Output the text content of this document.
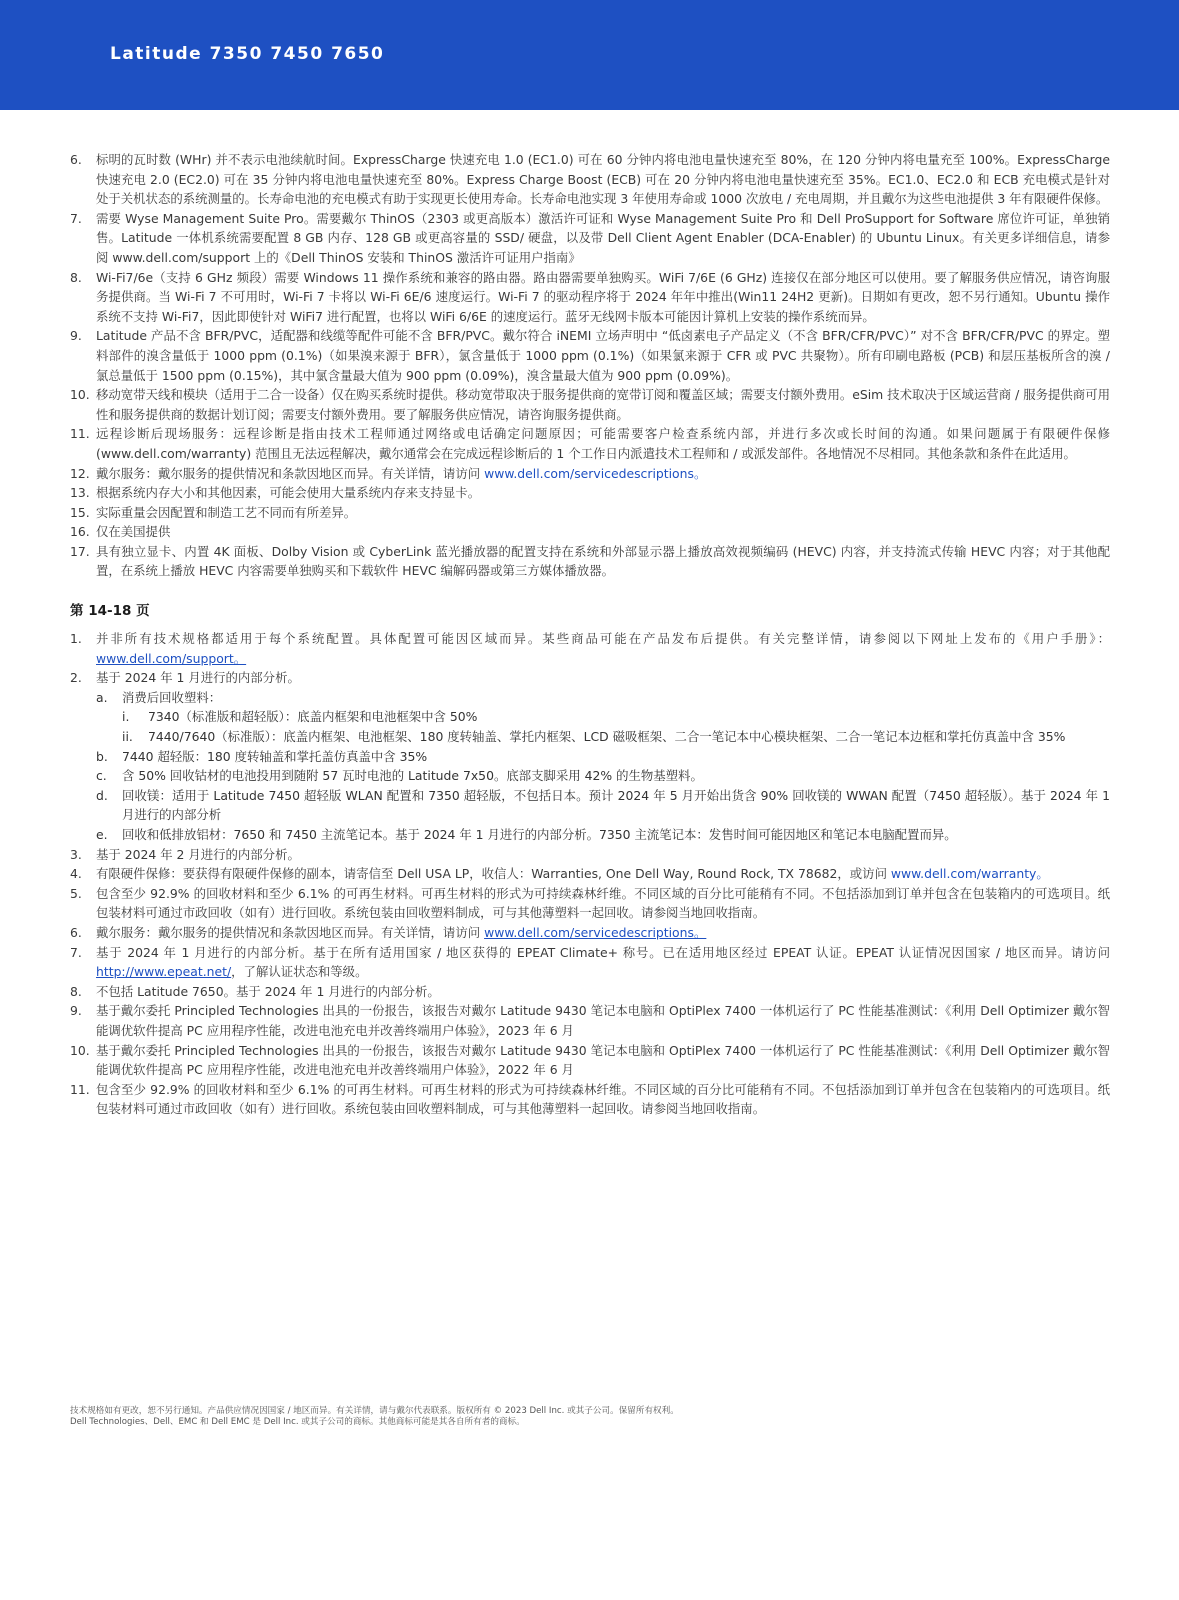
Latitude 7350 7450 7650
6. 标明的瓦时数 (WHr) 并不表示电池续航时间。ExpressCharge 快速充电 1.0 (EC1.0) 可在 60 分钟内将电池电量快速充至 80%，在 120 分钟内将电量充至 100%。ExpressCharge 快速充电 2.0 (EC2.0) 可在 35 分钟内将电池电量快速充至 80%。Express Charge Boost (ECB) 可在 20 分钟内将电池电量快速充至 35%。EC1.0、EC2.0 和 ECB 充电模式是针对处于关机状态的系统测量的。长寿命电池的充电模式有助于实现更长使用寿命。长寿命电池实现 3 年使用寿命或 1000 次放电 / 充电周期，并且戴尔为这些电池提供 3 年有限硬件保修。
7. 需要 Wyse Management Suite Pro。需要戴尔 ThinOS（2303 或更高版本）激活许可证和 Wyse Management Suite Pro 和 Dell ProSupport for Software 席位许可证，单独销售。Latitude 一体机系统需要配置 8 GB 内存、128 GB 或更高容量的 SSD/ 硬盘，以及带 Dell Client Agent Enabler (DCA-Enabler) 的 Ubuntu Linux。有关更多详细信息，请参阅 www.dell.com/support 上的《Dell ThinOS 安装和 ThinOS 激活许可证用户指南》
8. Wi-Fi7/6e（支持 6 GHz 频段）需要 Windows 11 操作系统和兼容的路由器。路由器需要单独购买。WiFi 7/6E (6 GHz) 连接仅在部分地区可以使用。要了解服务供应情况，请咨询服务提供商。当 Wi-Fi 7 不可用时，Wi-Fi 7 卡将以 Wi-Fi 6E/6 速度运行。Wi-Fi 7 的驱动程序将于 2024 年年中推出(Win11 24H2 更新)。日期如有更改，恕不另行通知。Ubuntu 操作系统不支持 Wi-Fi7，因此即使针对 WiFi7 进行配置，也将以 WiFi 6/6E 的速度运行。蓝牙无线网卡版本可能因计算机上安装的操作系统而异。
9. Latitude 产品不含 BFR/PVC，适配器和线缆等配件可能不含 BFR/PVC。戴尔符合 iNEMI 立场声明中 “低卤素电子产品定义（不含 BFR/CFR/PVC）” 对不含 BFR/CFR/PVC 的界定。塑料部件的溴含量低于 1000 ppm (0.1%)（如果溴来源于 BFR），氯含量低于 1000 ppm (0.1%)（如果氯来源于 CFR 或 PVC 共聚物）。所有印刷电路板 (PCB) 和层压基板所含的溴 / 氯总量低于 1500 ppm (0.15%)，其中氯含量最大值为 900 ppm (0.09%)，溴含量最大值为 900 ppm (0.09%)。
10. 移动宽带天线和模块（适用于二合一设备）仅在购买系统时提供。移动宽带取决于服务提供商的宽带订阅和覆盖区域；需要支付额外费用。eSim 技术取决于区域运营商 / 服务提供商可用性和服务提供商的数据计划订阅；需要支付额外费用。要了解服务供应情况，请咨询服务提供商。
11. 远程诊断后现场服务：远程诊断是指由技术工程师通过网络或电话确定问题原因；可能需要客户检查系统内部，并进行多次或长时间的沟通。如果问题属于有限硬件保修 (www.dell.com/warranty) 范围且无法远程解决，戴尔通常会在完成远程诊断后的 1 个工作日内派遣技术工程师和 / 或派发部件。各地情况不尽相同。其他条款和条件在此适用。
12. 戴尔服务：戴尔服务的提供情况和条款因地区而异。有关详情，请访问 www.dell.com/servicedescriptions。
13. 根据系统内存大小和其他因素，可能会使用大量系统内存来支持显卡。
15. 实际重量会因配置和制造工艺不同而有所差异。
16. 仅在美国提供
17. 具有独立显卡、内置 4K 面板、Dolby Vision 或 CyberLink 蓝光播放器的配置支持在系统和外部显示器上播放高效视频编码 (HEVC) 内容，并支持流式传输 HEVC 内容；对于其他配置，在系统上播放 HEVC 内容需要单独购买和下载软件 HEVC 编解码器或第三方媒体播放器。
第 14-18 页
1. 并非所有技术规格都适用于每个系统配置。具体配置可能因区域而异。某些商品可能在产品发布后提供。有关完整详情，请参阅以下网址上发布的《用户手册》：www.dell.com/support。
2. 基于 2024 年 1 月进行的内部分析。
a. 消费后回收塑料：
i. 7340（标准版和超轻版）：底盖内框架和电池框架中含 50%
ii. 7440/7640（标准版）：底盖内框架、电池框架、180 度转轴盖、掌托内框架、LCD 磁吸框架、二合一笔记本中心模块框架、二合一笔记本边框和掌托仿真盖中含 35%
b. 7440 超轻版：180 度转轴盖和掌托盖仿真盖中含 35%
c. 含 50% 回收钴材的电池投用到随附 57 瓦时电池的 Latitude 7x50。底部支脚采用 42% 的生物基塑料。
d. 回收镁：适用于 Latitude 7450 超轻版 WLAN 配置和 7350 超轻版，不包括日本。预计 2024 年 5 月开始出货含 90% 回收镁的 WWAN 配置（7450 超轻版）。基于 2024 年 1 月进行的内部分析
e. 回收和低排放铝材：7650 和 7450 主流笔记本。基于 2024 年 1 月进行的内部分析。7350 主流笔记本：发售时间可能因地区和笔记本电脑配置而异。
3. 基于 2024 年 2 月进行的内部分析。
4. 有限硬件保修：要获得有限硬件保修的副本，请寄信至 Dell USA LP，收信人：Warranties, One Dell Way, Round Rock, TX 78682，或访问 www.dell.com/warranty。
5. 包含至少 92.9% 的回收材料和至少 6.1% 的可再生材料。可再生材料的形式为可持续森林纤维。不同区域的百分比可能稍有不同。不包括添加到订单并包含在包装箱内的可选项目。纸包装材料可通过市政回收（如有）进行回收。系统包装由回收塑料制成，可与其他薄塑料一起回收。请参阅当地回收指南。
6. 戴尔服务：戴尔服务的提供情况和条款因地区而异。有关详情，请访问 www.dell.com/servicedescriptions。
7. 基于 2024 年 1 月进行的内部分析。基于在所有适用国家 / 地区获得的 EPEAT Climate+ 称号。已在适用地区经过 EPEAT 认证。EPEAT 认证情况因国家 / 地区而异。请访问 http://www.epeat.net/，了解认证状态和等级。
8. 不包括 Latitude 7650。基于 2024 年 1 月进行的内部分析。
9. 基于戴尔委托 Principled Technologies 出具的一份报告，该报告对戴尔 Latitude 9430 笔记本电脑和 OptiPlex 7400 一体机运行了 PC 性能基准测试：《利用 Dell Optimizer 戴尔智能调优软件提高 PC 应用程序性能，改进电池充电并改善终端用户体验》，2023 年 6 月
10. 基于戴尔委托 Principled Technologies 出具的一份报告，该报告对戴尔 Latitude 9430 笔记本电脑和 OptiPlex 7400 一体机运行了 PC 性能基准测试：《利用 Dell Optimizer 戴尔智能调优软件提高 PC 应用程序性能，改进电池充电并改善终端用户体验》，2022 年 6 月
11. 包含至少 92.9% 的回收材料和至少 6.1% 的可再生材料。可再生材料的形式为可持续森林纤维。不同区域的百分比可能稍有不同。不包括添加到订单并包含在包装箱内的可选项目。纸包装材料可通过市政回收（如有）进行回收。系统包装由回收塑料制成，可与其他薄塑料一起回收。请参阅当地回收指南。
技术规格如有更改，恕不另行通知。产品供应情况因国家 / 地区而异。有关详情，请与戴尔代表联系。版权所有 © 2023 Dell Inc. 或其子公司。保留所有权利。
Dell Technologies、Dell、EMC 和 Dell EMC 是 Dell Inc. 或其子公司的商标。其他商标可能是其各自所有者的商标。
